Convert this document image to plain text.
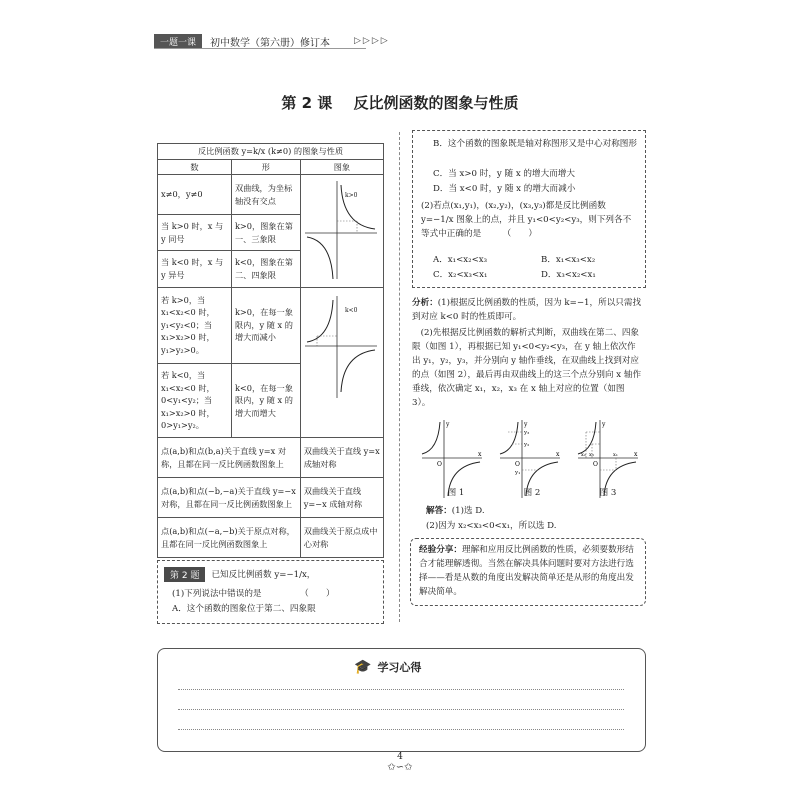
一题一课	初中数学（第六册）修订本	▷▷▷▷
第 2 课 反比例函数的图象与性质
反比例函数 y=k/x (k≠0) 的图象与性质		
数	形	图象
x≠0，y≠0	双曲线，为坐标轴没有交点	k>0

当 k>0 时，x 与 y 同号	k>0，图象在第一、三象限	
当 k<0 时，x 与 y 异号	k<0，图象在第二、四象限	
若 k>0，当 x₁<x₂<0 时，y₁<y₂<0；当 x₁>x₂>0 时，y₁>y₂>0。	k>0，在每一象限内，y 随 x 的增大而减小	k<0

若 k<0，当 x₁<x₂<0 时，0<y₁<y₂；当 x₁>x₂>0 时，0>y₁>y₂。	k<0，在每一象限内，y 随 x 的增大而增大	
点(a,b)和点(b,a)关于直线 y=x 对称，且都在同一反比例函数图象上		双曲线关于直线 y=x 成轴对称
点(a,b)和点(−b,−a)关于直线 y=−x 对称，且都在同一反比例函数图象上		双曲线关于直线 y=−x 成轴对称
点(a,b)和点(−a,−b)关于原点对称，且都在同一反比例函数图象上		双曲线关于原点成中心对称
第 2 题	已知反比例函数 y=−1/x，
(1)下列说法中错误的是　　　　　（　　）
A．这个函数的图象位于第二、四象限
B．这个函数的图象既是轴对称图形又是中心对称图形
C．当 x>0 时，y 随 x 的增大而增大
D．当 x<0 时，y 随 x 的增大而减小
(2)若点(x₁,y₁)，(x₂,y₂)，(x₃,y₃)都是反比例函数 y=−1/x 图象上的点，并且 y₁<0<y₂<y₃，则下列各不等式中正确的是　　　（　　）
A．x₁<x₂<x₃	B．x₁<x₃<x₂
C．x₂<x₃<x₁	D．x₃<x₂<x₁
分析：(1)根据反比例函数的性质，因为 k=−1，所以只需找到对应 k<0 时的性质即可。
(2)先根据反比例函数的解析式判断，双曲线在第二、四象限（如图 1），再根据已知 y₁<0<y₂<y₃，在 y 轴上依次作出 y₁，y₂，y₃，并分别向 y 轴作垂线，在双曲线上找到对应的点（如图 2），最后再由双曲线上的这三个点分别向 x 轴作垂线，依次确定 x₁，x₂，x₃ 在 x 轴上对应的位置（如图 3）。
O
y
x
y₃
y₂
y₁
O
y
x	x₂ x₃	x₁
O
y
x
图 1	图 2	图 3
解答：(1)选 D.
(2)因为 x₂<x₃<0<x₁，所以选 D.
经验分享：理解和应用反比例函数的性质，必须要数形结合才能理解透彻。当然在解决具体问题时要对方法进行选择——看是从数的角度出发解决简单还是从形的角度出发解决简单。
🎓 学习心得
4
✩∽✩
